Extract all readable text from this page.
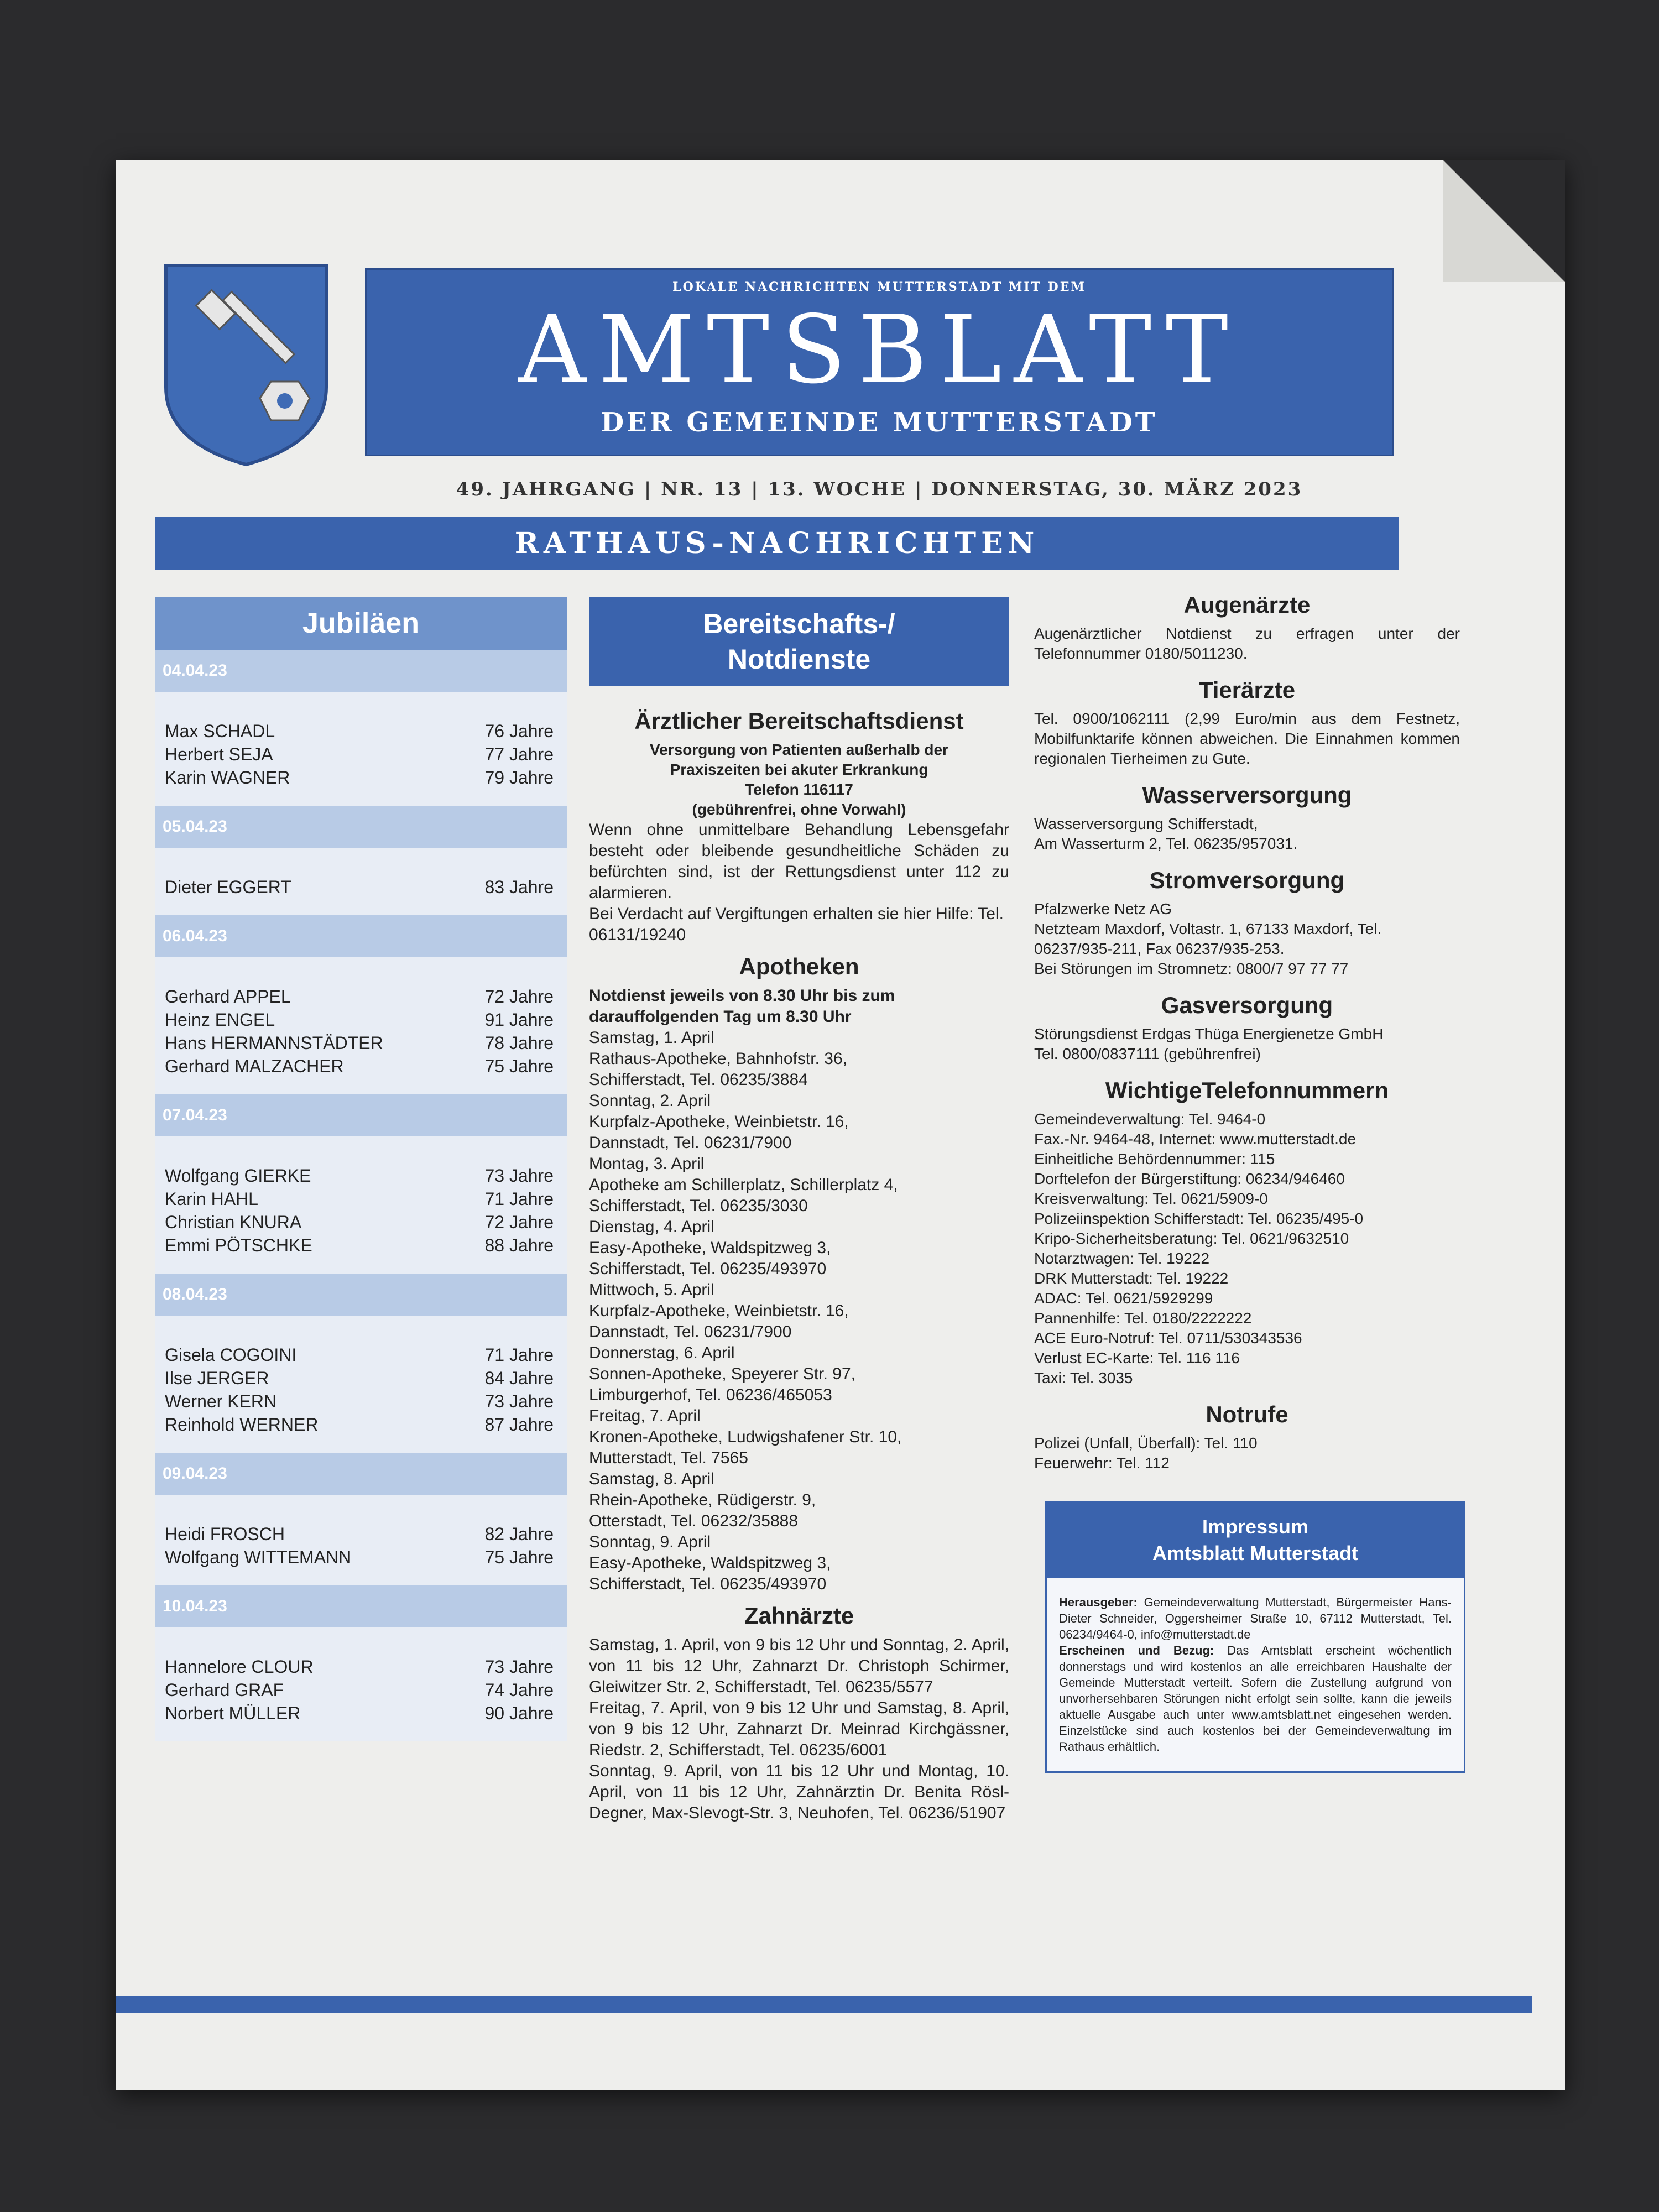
LOKALE NACHRICHTEN MUTTERSTADT MIT DEM
AMTSBLATT
DER GEMEINDE MUTTERSTADT
49. JAHRGANG | NR. 13 | 13. WOCHE | DONNERSTAG, 30. MÄRZ 2023
RATHAUS-NACHRICHTEN
Jubiläen
04.04.23
Max SCHADL	76 Jahre
Herbert SEJA	77 Jahre
Karin WAGNER	79 Jahre
05.04.23
Dieter EGGERT	83 Jahre
06.04.23
Gerhard APPEL	72 Jahre
Heinz ENGEL	91 Jahre
Hans HERMANNSTÄDTER	78 Jahre
Gerhard MALZACHER	75 Jahre
07.04.23
Wolfgang GIERKE	73 Jahre
Karin HAHL	71 Jahre
Christian KNURA	72 Jahre
Emmi PÖTSCHKE	88 Jahre
08.04.23
Gisela COGOINI	71 Jahre
Ilse JERGER	84 Jahre
Werner KERN	73 Jahre
Reinhold WERNER	87 Jahre
09.04.23
Heidi FROSCH	82 Jahre
Wolfgang WITTEMANN	75 Jahre
10.04.23
Hannelore CLOUR	73 Jahre
Gerhard GRAF	74 Jahre
Norbert MÜLLER	90 Jahre
Bereitschafts-/
Notdienste
Ärztlicher Bereitschaftsdienst
Versorgung von Patienten außerhalb der
Praxiszeiten bei akuter Erkrankung
Telefon 116117
(gebührenfrei, ohne Vorwahl)
Wenn ohne unmittelbare Behandlung Lebensgefahr besteht oder bleibende gesundheitliche Schäden zu befürchten sind, ist der Rettungsdienst unter 112 zu alarmieren.
Bei Verdacht auf Vergiftungen erhalten sie hier Hilfe: Tel. 06131/19240
Apotheken
Notdienst jeweils von 8.30 Uhr bis zum darauffolgenden Tag um 8.30 Uhr
Samstag, 1. April
Rathaus-Apotheke, Bahnhofstr. 36,
Schifferstadt, Tel. 06235/3884
Sonntag, 2. April
Kurpfalz-Apotheke, Weinbietstr. 16,
Dannstadt, Tel. 06231/7900
Montag, 3. April
Apotheke am Schillerplatz, Schillerplatz 4,
Schifferstadt, Tel. 06235/3030
Dienstag, 4. April
Easy-Apotheke, Waldspitzweg 3,
Schifferstadt, Tel. 06235/493970
Mittwoch, 5. April
Kurpfalz-Apotheke, Weinbietstr. 16,
Dannstadt, Tel. 06231/7900
Donnerstag, 6. April
Sonnen-Apotheke, Speyerer Str. 97,
Limburgerhof, Tel. 06236/465053
Freitag, 7. April
Kronen-Apotheke, Ludwigshafener Str. 10,
Mutterstadt, Tel. 7565
Samstag, 8. April
Rhein-Apotheke, Rüdigerstr. 9,
Otterstadt, Tel. 06232/35888
Sonntag, 9. April
Easy-Apotheke, Waldspitzweg 3,
Schifferstadt, Tel. 06235/493970
Zahnärzte
Samstag, 1. April, von 9 bis 12 Uhr und Sonntag, 2. April, von 11 bis 12 Uhr, Zahnarzt Dr. Christoph Schirmer, Gleiwitzer Str. 2, Schifferstadt, Tel. 06235/5577
Freitag, 7. April, von 9 bis 12 Uhr und Samstag, 8. April, von 9 bis 12 Uhr, Zahnarzt Dr. Meinrad Kirchgässner, Riedstr. 2, Schifferstadt, Tel. 06235/6001
Sonntag, 9. April, von 11 bis 12 Uhr und Montag, 10. April, von 11 bis 12 Uhr, Zahnärztin Dr. Benita Rösl-Degner, Max-Slevogt-Str. 3, Neuhofen, Tel. 06236/51907
Augenärzte
Augenärztlicher Notdienst zu erfragen unter der Telefonnummer 0180/5011230.
Tierärzte
Tel. 0900/1062111 (2,99 Euro/min aus dem Festnetz, Mobilfunktarife können abweichen. Die Einnahmen kommen regionalen Tierheimen zu Gute.
Wasserversorgung
Wasserversorgung Schifferstadt,
Am Wasserturm 2, Tel. 06235/957031.
Stromversorgung
Pfalzwerke Netz AG
Netzteam Maxdorf, Voltastr. 1, 67133 Maxdorf, Tel.
06237/935-211, Fax 06237/935-253.
Bei Störungen im Stromnetz: 0800/7 97 77 77
Gasversorgung
Störungsdienst Erdgas Thüga Energienetze GmbH
Tel. 0800/0837111 (gebührenfrei)
WichtigeTelefonnummern
Gemeindeverwaltung: Tel. 9464-0
Fax.-Nr. 9464-48, Internet: www.mutterstadt.de
Einheitliche Behördennummer: 115
Dorftelefon der Bürgerstiftung: 06234/946460
Kreisverwaltung: Tel. 0621/5909-0
Polizeiinspektion Schifferstadt: Tel. 06235/495-0
Kripo-Sicherheitsberatung: Tel. 0621/9632510
Notarztwagen: Tel. 19222
DRK Mutterstadt: Tel. 19222
ADAC: Tel. 0621/5929299
Pannenhilfe: Tel. 0180/2222222
ACE Euro-Notruf: Tel. 0711/530343536
Verlust EC-Karte: Tel. 116 116
Taxi: Tel. 3035
Notrufe
Polizei (Unfall, Überfall): Tel. 110
Feuerwehr: Tel. 112
Impressum
Amtsblatt Mutterstadt

Herausgeber: Gemeindeverwaltung Mutterstadt, Bürgermeister Hans-Dieter Schneider, Oggersheimer Straße 10, 67112 Mutterstadt, Tel. 06234/9464-0, info@mutterstadt.de

Erscheinen und Bezug: Das Amtsblatt erscheint wöchentlich donnerstags und wird kostenlos an alle erreichbaren Haushalte der Gemeinde Mutterstadt verteilt. Sofern die Zustellung aufgrund von unvorhersehbaren Störungen nicht erfolgt sein sollte, kann die jeweils aktuelle Ausgabe auch unter www.amtsblatt.net eingesehen werden. Einzelstücke sind auch kostenlos bei der Gemeindeverwaltung im Rathaus erhältlich.
